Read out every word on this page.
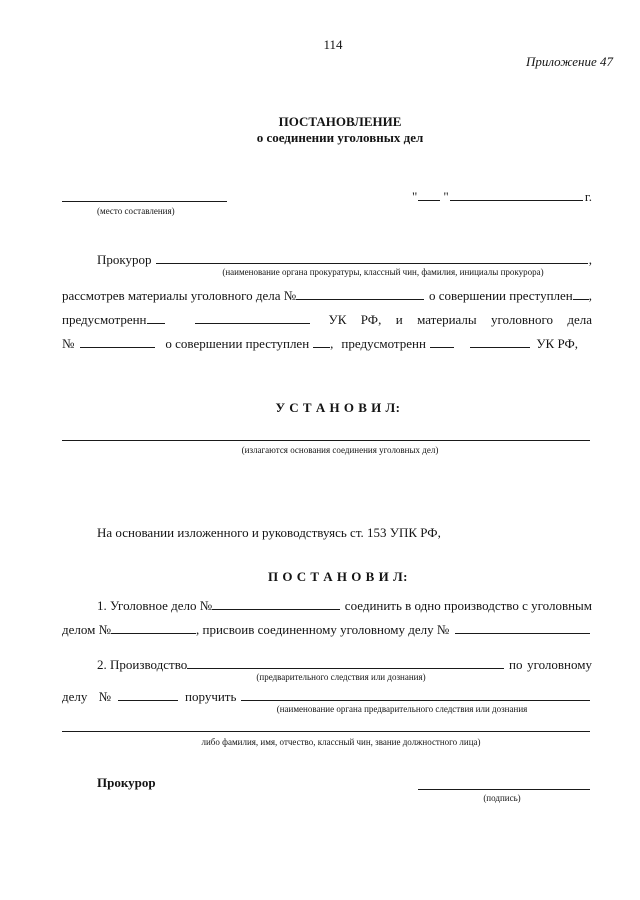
114
Приложение 47
ПОСТАНОВЛЕНИЕ
о соединении уголовных дел
(место составления)
" "	г.
Прокурор	,
(наименование органа прокуратуры, классный чин, фамилия, инициалы прокурора)
рассмотрев материалы уголовного дела №	о совершении преступлен ,
предусмотренн	УК РФ, и материалы уголовного дела
№	о совершении преступлен , предусмотренн	УК РФ,
У С Т А Н О В И Л:
(излагаются основания соединения уголовных дел)
На основании изложенного и руководствуясь ст. 153 УПК РФ,
П О С Т А Н О В И Л:
1. Уголовное дело №	соединить в одно производство с уголовным
делом №	, присвоив соединенному уголовному делу №
2. Производство	по уголовному
(предварительного следствия или дознания)
делу №	поручить
(наименование органа предварительного следствия или дознания
либо фамилия, имя, отчество, классный чин, звание должностного лица)
Прокурор
(подпись)
